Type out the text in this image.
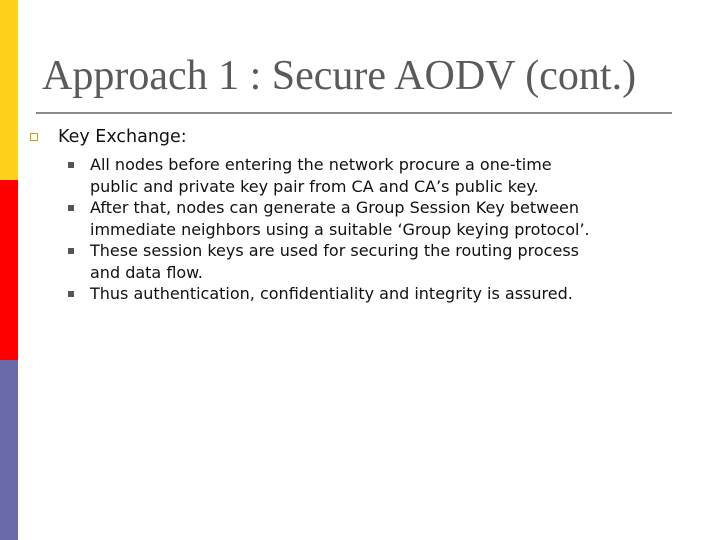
Approach 1 : Secure AODV (cont.)
Key Exchange:
All nodes before entering the network procure a one-time
public and private key pair from CA and CA’s public key.
After that, nodes can generate a Group Session Key between
immediate neighbors using a suitable ‘Group keying protocol’.
These session keys are used for securing the routing process
and data flow.
Thus authentication, confidentiality and integrity is assured.
